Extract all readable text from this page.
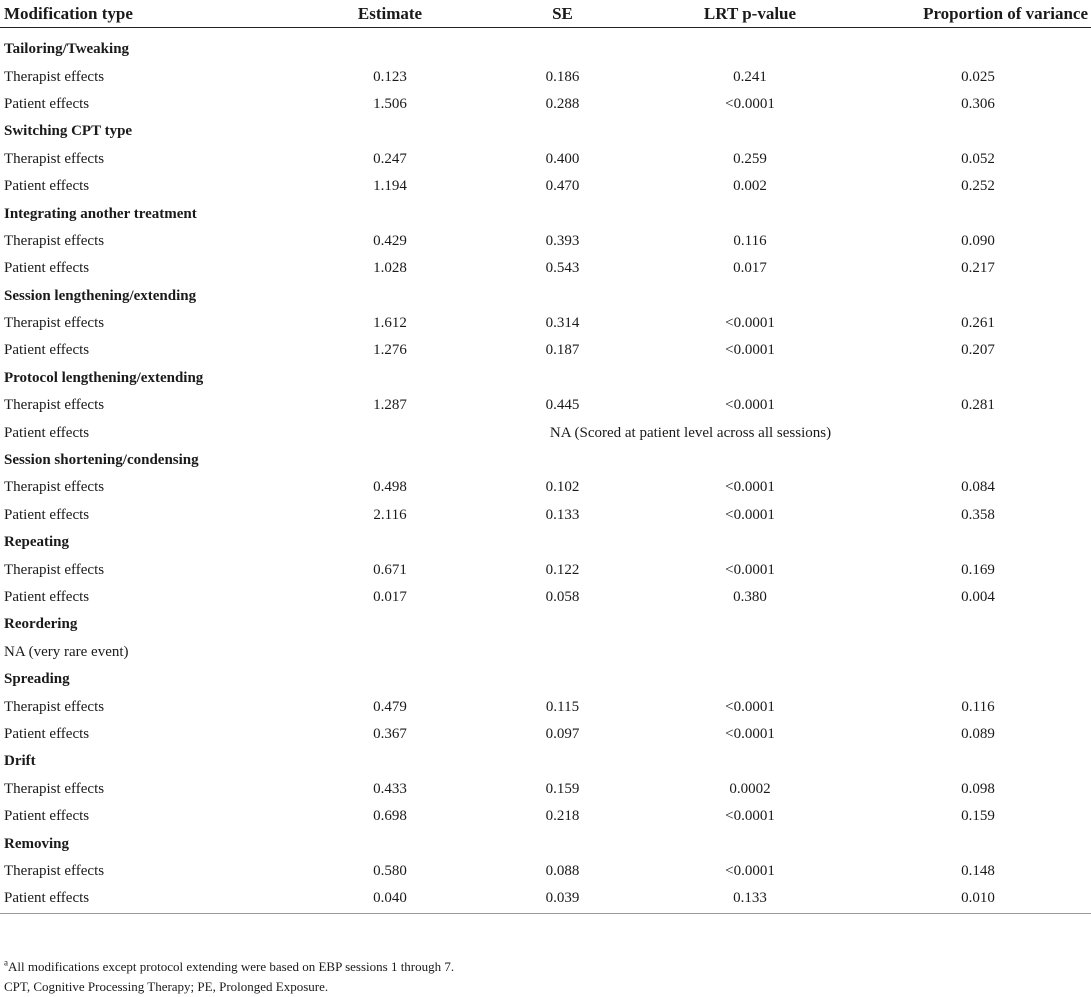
Modification type	Estimate	SE	LRT p-value	Proportion of variance

Tailoring/Tweaking				
Therapist effects	0.123	0.186	0.241	0.025
Patient effects	1.506	0.288	<0.0001	0.306
Switching CPT type				
Therapist effects	0.247	0.400	0.259	0.052
Patient effects	1.194	0.470	0.002	0.252
Integrating another treatment				
Therapist effects	0.429	0.393	0.116	0.090
Patient effects	1.028	0.543	0.017	0.217
Session lengthening/extending				
Therapist effects	1.612	0.314	<0.0001	0.261
Patient effects	1.276	0.187	<0.0001	0.207
Protocol lengthening/extending				
Therapist effects	1.287	0.445	<0.0001	0.281
Patient effects	NA (Scored at patient level across all sessions)			
Session shortening/condensing				
Therapist effects	0.498	0.102	<0.0001	0.084
Patient effects	2.116	0.133	<0.0001	0.358
Repeating				
Therapist effects	0.671	0.122	<0.0001	0.169
Patient effects	0.017	0.058	0.380	0.004
Reordering				
NA (very rare event)				
Spreading				
Therapist effects	0.479	0.115	<0.0001	0.116
Patient effects	0.367	0.097	<0.0001	0.089
Drift				
Therapist effects	0.433	0.159	0.0002	0.098
Patient effects	0.698	0.218	<0.0001	0.159
Removing				
Therapist effects	0.580	0.088	<0.0001	0.148
Patient effects	0.040	0.039	0.133	0.010
$^a$All modifications except protocol extending were based on EBP sessions 1 through 7.
CPT, Cognitive Processing Therapy; PE, Prolonged Exposure.
